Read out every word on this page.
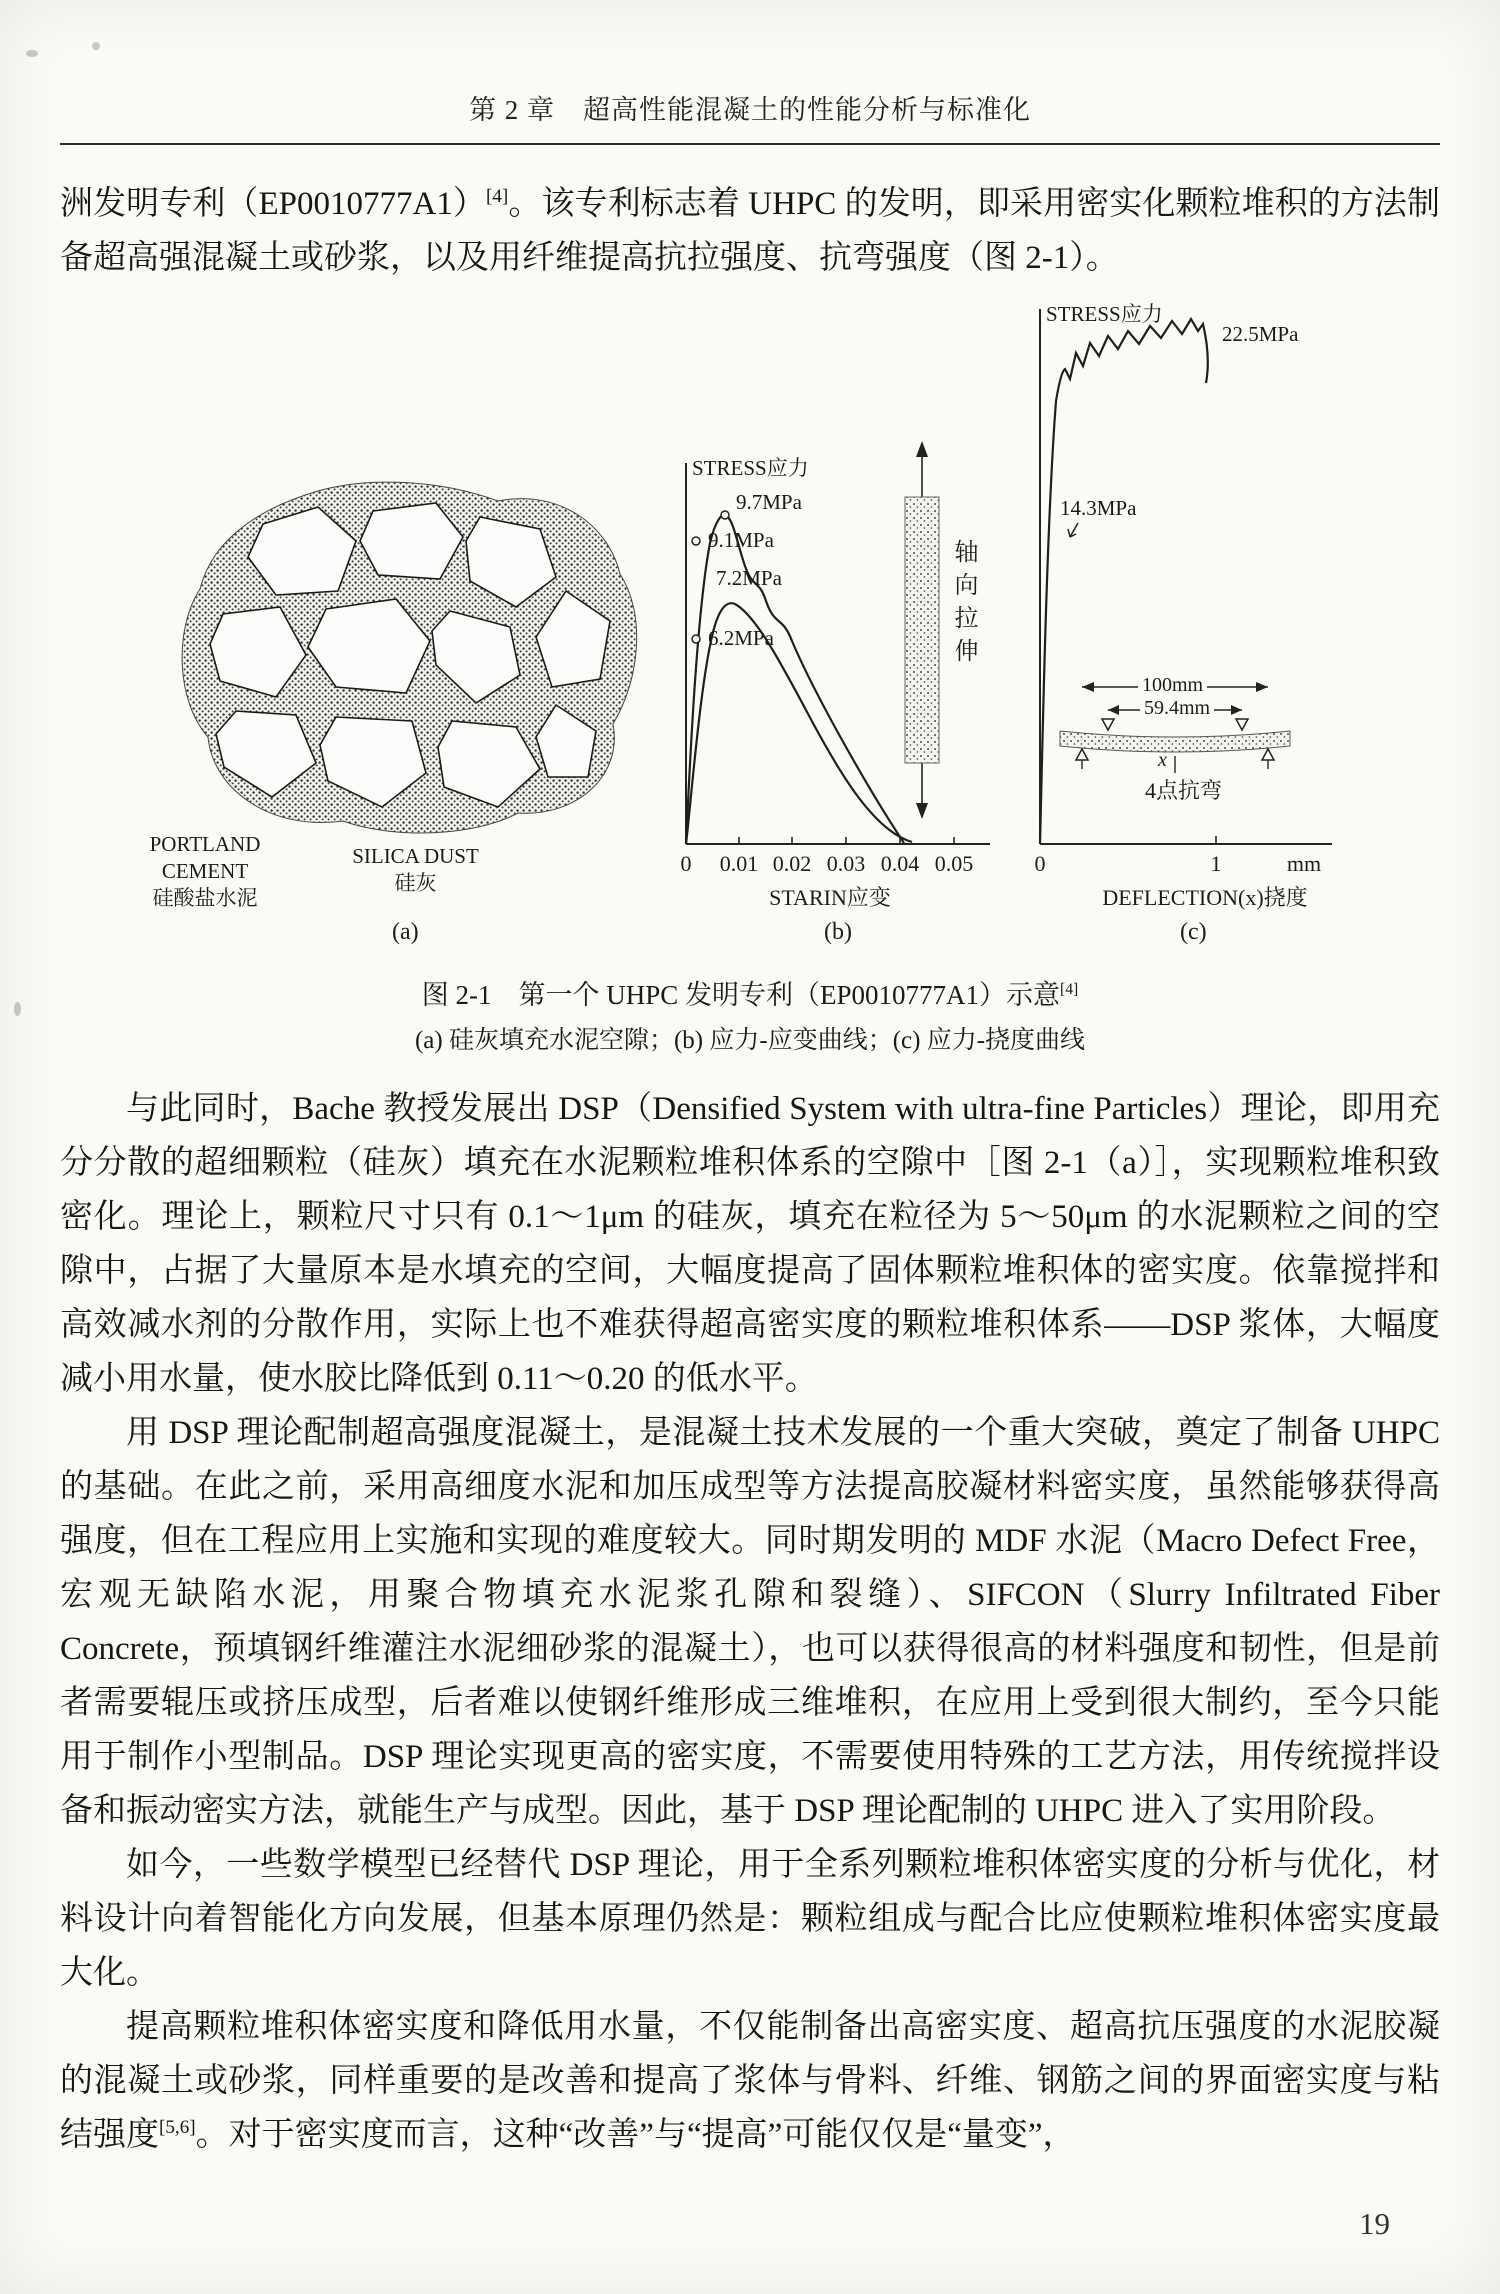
第 2 章　超高性能混凝土的性能分析与标准化

洲发明专利（EP0010777A1）[4]。该专利标志着 UHPC 的发明，即采用密实化颗粒堆积的方法制备超高强混凝土或砂浆，以及用纤维提高抗拉强度、抗弯强度（图 2-1）。

PORTLAND
CEMENT
硅酸盐水泥
SILICA DUST
硅灰
STRESS应力
9.7MPa
9.1MPa
7.2MPa
6.2MPa	轴向拉伸
0 0.01 0.02 0.03 0.04 0.05
STARIN应变
STRESS应力
22.5MPa
14.3MPa
100mm
59.4mm
x
4点抗弯
0	1	mm
DEFLECTION(x)挠度
(a)	(b)	(c)
图 2-1　第一个 UHPC 发明专利（EP0010777A1）示意[4]
(a) 硅灰填充水泥空隙；(b) 应力-应变曲线；(c) 应力-挠度曲线

与此同时，Bache 教授发展出 DSP（Densified System with ultra-fine Particles）理论，即用充分分散的超细颗粒（硅灰）填充在水泥颗粒堆积体系的空隙中［图 2-1（a）］，实现颗粒堆积致密化。理论上，颗粒尺寸只有 0.1～1μm 的硅灰，填充在粒径为 5～50μm 的水泥颗粒之间的空隙中，占据了大量原本是水填充的空间，大幅度提高了固体颗粒堆积体的密实度。依靠搅拌和高效减水剂的分散作用，实际上也不难获得超高密实度的颗粒堆积体系——DSP 浆体，大幅度减小用水量，使水胶比降低到 0.11～0.20 的低水平。

用 DSP 理论配制超高强度混凝土，是混凝土技术发展的一个重大突破，奠定了制备 UHPC 的基础。在此之前，采用高细度水泥和加压成型等方法提高胶凝材料密实度，虽然能够获得高强度，但在工程应用上实施和实现的难度较大。同时期发明的 MDF 水泥（Macro Defect Free，宏观无缺陷水泥，用聚合物填充水泥浆孔隙和裂缝）、SIFCON（Slurry Infiltrated Fiber Concrete，预填钢纤维灌注水泥细砂浆的混凝土），也可以获得很高的材料强度和韧性，但是前者需要辊压或挤压成型，后者难以使钢纤维形成三维堆积，在应用上受到很大制约，至今只能用于制作小型制品。DSP 理论实现更高的密实度，不需要使用特殊的工艺方法，用传统搅拌设备和振动密实方法，就能生产与成型。因此，基于 DSP 理论配制的 UHPC 进入了实用阶段。

如今，一些数学模型已经替代 DSP 理论，用于全系列颗粒堆积体密实度的分析与优化，材料设计向着智能化方向发展，但基本原理仍然是：颗粒组成与配合比应使颗粒堆积体密实度最大化。

提高颗粒堆积体密实度和降低用水量，不仅能制备出高密实度、超高抗压强度的水泥胶凝的混凝土或砂浆，同样重要的是改善和提高了浆体与骨料、纤维、钢筋之间的界面密实度与粘结强度[5,6]。对于密实度而言，这种“改善”与“提高”可能仅仅是“量变”，

19
